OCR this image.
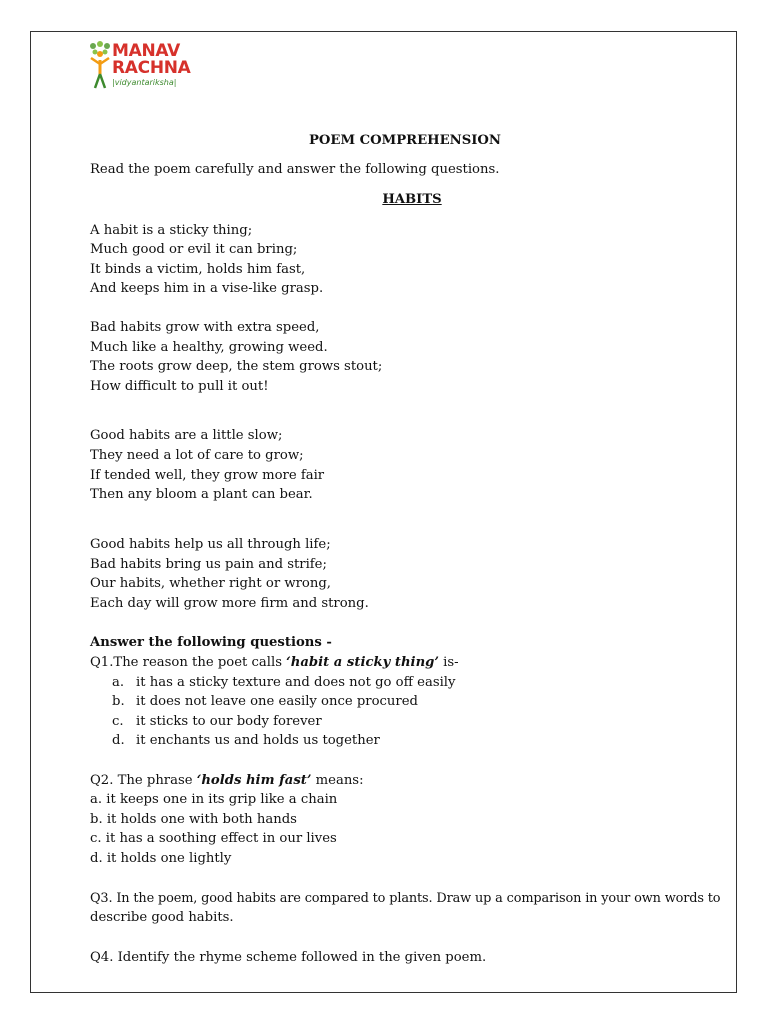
MANAV
RACHNA
|vidyantariksha|
POEM COMPREHENSION
Read the poem carefully and answer the following questions.
HABITS
A habit is a sticky thing;
Much good or evil it can bring;
It binds a victim, holds him fast,
And keeps him in a vise-like grasp.
Bad habits grow with extra speed,
Much like a healthy, growing weed.
The roots grow deep, the stem grows stout;
How difficult to pull it out!
Good habits are a little slow;
They need a lot of care to grow;
If tended well, they grow more fair
Then any bloom a plant can bear.
Good habits help us all through life;
Bad habits bring us pain and strife;
Our habits, whether right or wrong,
Each day will grow more firm and strong.
Answer the following questions -
Q1.The reason the poet calls ‘habit a sticky thing’ is-
a. it has a sticky texture and does not go off easily
b. it does not leave one easily once procured
c. it sticks to our body forever
d. it enchants us and holds us together
Q2. The phrase ‘holds him fast’ means:
a. it keeps one in its grip like a chain
b. it holds one with both hands
c. it has a soothing effect in our lives
d. it holds one lightly
Q3. In the poem, good habits are compared to plants. Draw up a comparison in your own words to
describe good habits.
Q4. Identify the rhyme scheme followed in the given poem.
